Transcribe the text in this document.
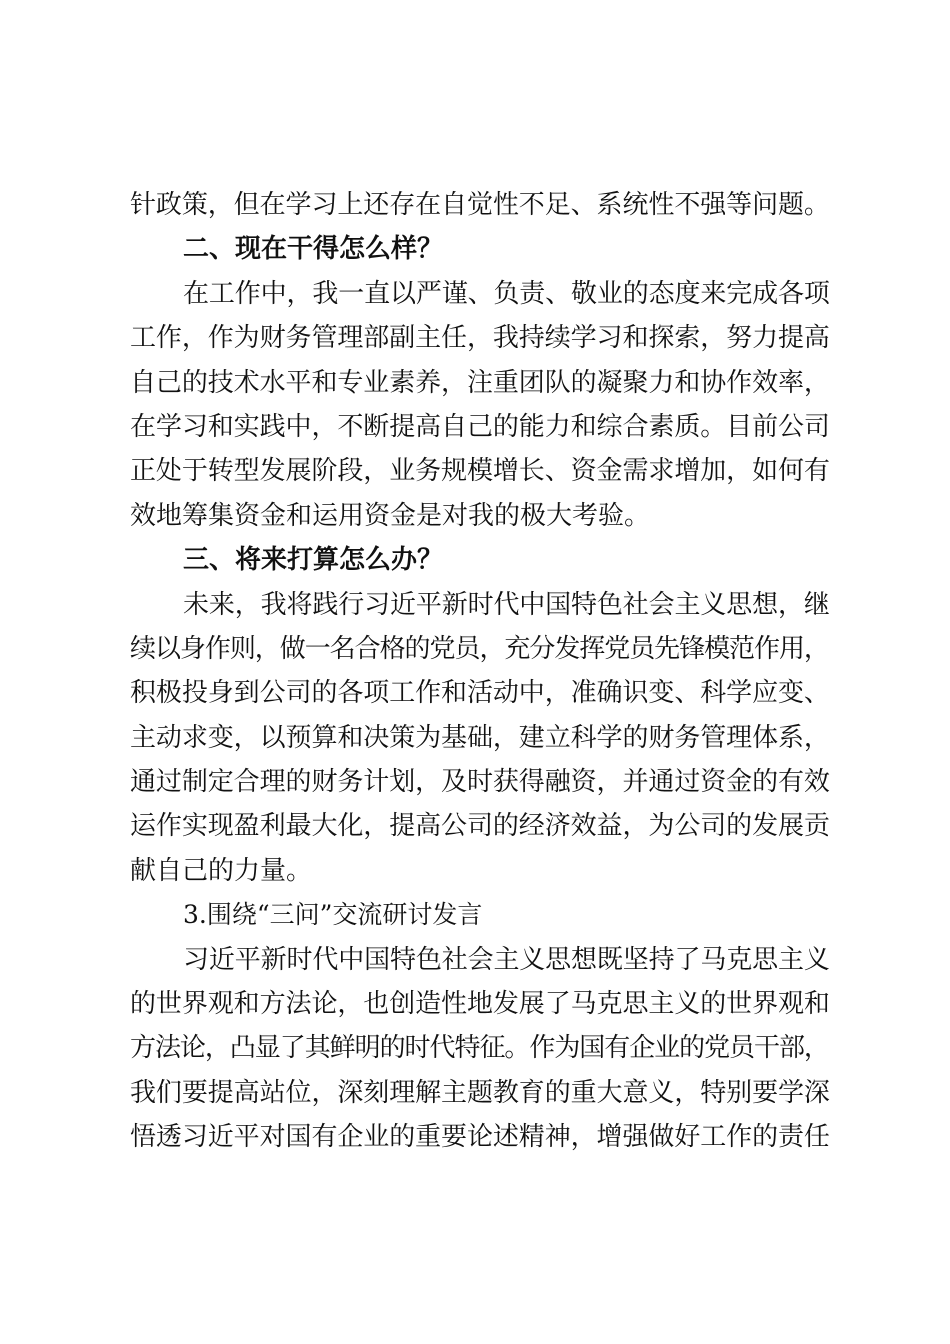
针政策，但在学习上还存在自觉性不足、系统性不强等问题。
二、现在干得怎么样？
在工作中，我一直以严谨、负责、敬业的态度来完成各项
工作，作为财务管理部副主任，我持续学习和探索，努力提高
自己的技术水平和专业素养，注重团队的凝聚力和协作效率，
在学习和实践中，不断提高自己的能力和综合素质。目前公司
正处于转型发展阶段，业务规模增长、资金需求增加，如何有
效地筹集资金和运用资金是对我的极大考验。
三、将来打算怎么办？
未来，我将践行习近平新时代中国特色社会主义思想，继
续以身作则，做一名合格的党员，充分发挥党员先锋模范作用，
积极投身到公司的各项工作和活动中，准确识变、科学应变、
主动求变，以预算和决策为基础，建立科学的财务管理体系，
通过制定合理的财务计划，及时获得融资，并通过资金的有效
运作实现盈利最大化，提高公司的经济效益，为公司的发展贡
献自己的力量。
3.围绕“三问”交流研讨发言
习近平新时代中国特色社会主义思想既坚持了马克思主义
的世界观和方法论，也创造性地发展了马克思主义的世界观和
方法论，凸显了其鲜明的时代特征。作为国有企业的党员干部，
我们要提高站位，深刻理解主题教育的重大意义，特别要学深
悟透习近平对国有企业的重要论述精神，增强做好工作的责任
